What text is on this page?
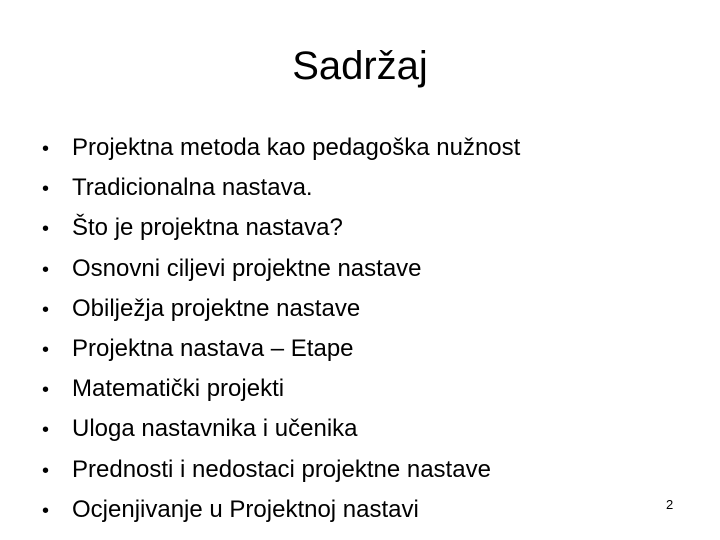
Sadržaj
• Projektna metoda kao pedagoška nužnost
• Tradicionalna nastava.
• Što je projektna nastava?
• Osnovni ciljevi projektne nastave
• Obilježja projektne nastave
• Projektna nastava – Etape
• Matematički projekti
• Uloga nastavnika i učenika
• Prednosti i nedostaci projektne nastave
• Ocjenjivanje u Projektnoj nastavi	2
